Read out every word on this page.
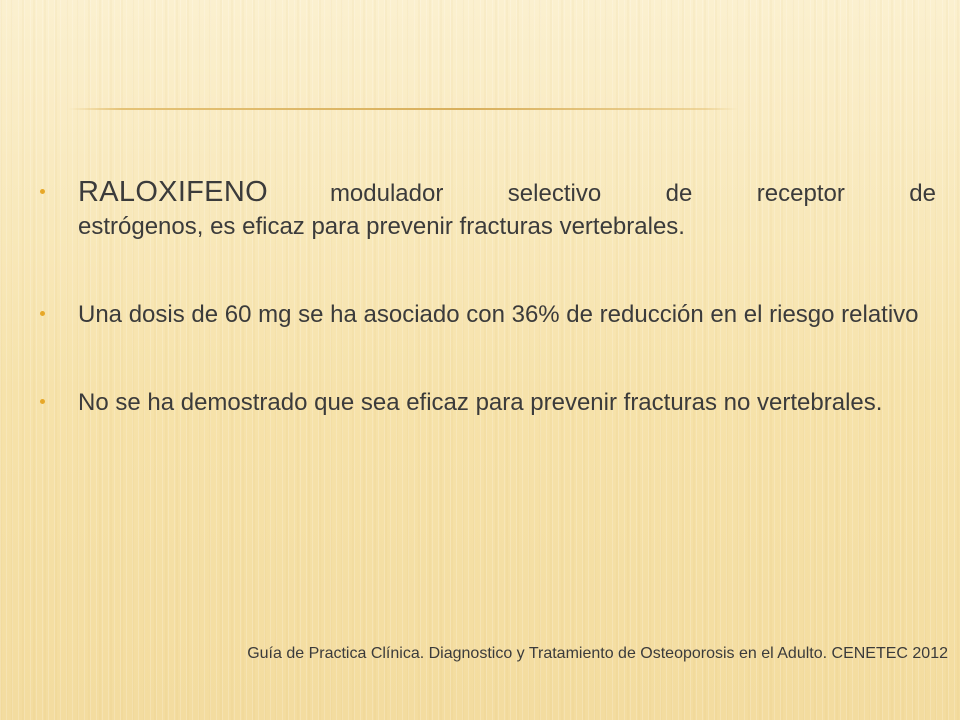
RALOXIFENO	modulador selectivo de receptor de
estrógenos, es eficaz para prevenir fracturas vertebrales.
Una dosis de 60 mg se ha asociado con 36% de reducción en el riesgo relativo
No se ha demostrado que sea eficaz para prevenir fracturas no vertebrales.
Guía de Practica Clínica. Diagnostico y Tratamiento de Osteoporosis en el Adulto. CENETEC 2012
